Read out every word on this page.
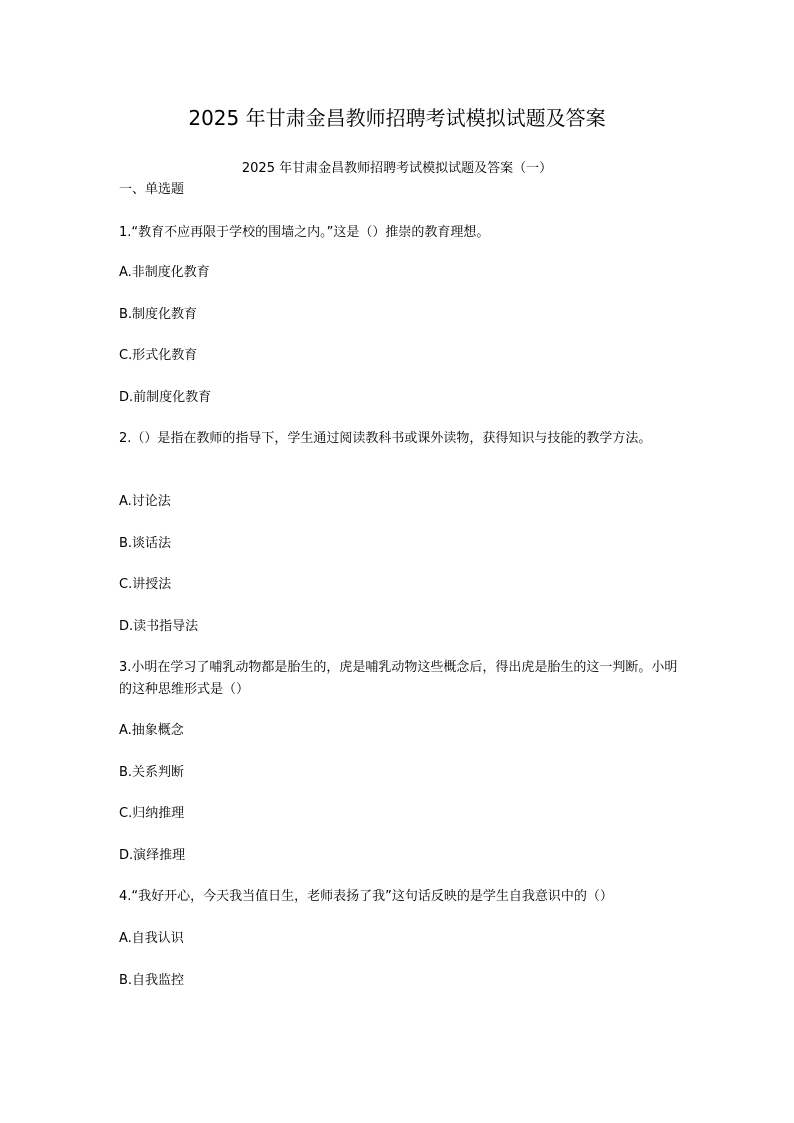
2025 年甘肃金昌教师招聘考试模拟试题及答案
2025 年甘肃金昌教师招聘考试模拟试题及答案（一）
一、单选题
1.“教育不应再限于学校的围墙之内。”这是（）推崇的教育理想。
A.非制度化教育
B.制度化教育
C.形式化教育
D.前制度化教育
2.（）是指在教师的指导下，学生通过阅读教科书或课外读物，获得知识与技能的教学方法。
A.讨论法
B.谈话法
C.讲授法
D.读书指导法
3.小明在学习了哺乳动物都是胎生的，虎是哺乳动物这些概念后，得出虎是胎生的这一判断。小明的这种思维形式是（）
A.抽象概念
B.关系判断
C.归纳推理
D.演绎推理
4.“我好开心，今天我当值日生，老师表扬了我”这句话反映的是学生自我意识中的（）
A.自我认识
B.自我监控
